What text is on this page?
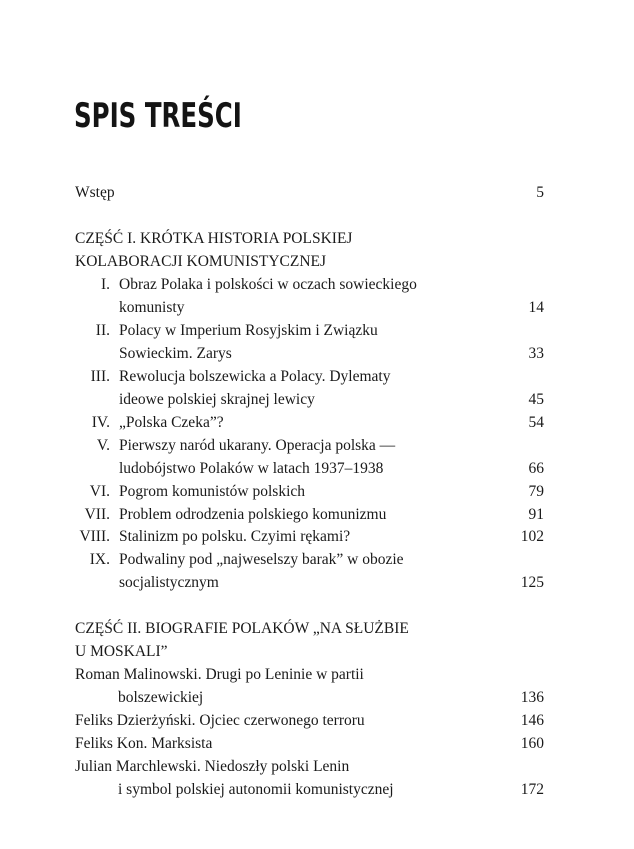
SPIS TREŚCI
Wstęp	5
CZĘŚĆ I. KRÓTKA HISTORIA POLSKIEJ
KOLABORACJI KOMUNISTYCZNEJ
I. Obraz Polaka i polskości w oczach sowieckiego
komunisty	14
II. Polacy w Imperium Rosyjskim i Związku
Sowieckim. Zarys	33
III. Rewolucja bolszewicka a Polacy. Dylematy
ideowe polskiej skrajnej lewicy	45
IV. „Polska Czeka”?	54
V. Pierwszy naród ukarany. Operacja polska —
ludobójstwo Polaków w latach 1937–1938	66
VI. Pogrom komunistów polskich	79
VII. Problem odrodzenia polskiego komunizmu	91
VIII. Stalinizm po polsku. Czyimi rękami?	102
IX. Podwaliny pod „najweselszy barak” w obozie
socjalistycznym	125
CZĘŚĆ II. BIOGRAFIE POLAKÓW „NA SŁUŻBIE
U MOSKALI”
Roman Malinowski. Drugi po Leninie w partii
bolszewickiej	136
Feliks Dzierżyński. Ojciec czerwonego terroru	146
Feliks Kon. Marksista	160
Julian Marchlewski. Niedoszły polski Lenin
i symbol polskiej autonomii komunistycznej	172
